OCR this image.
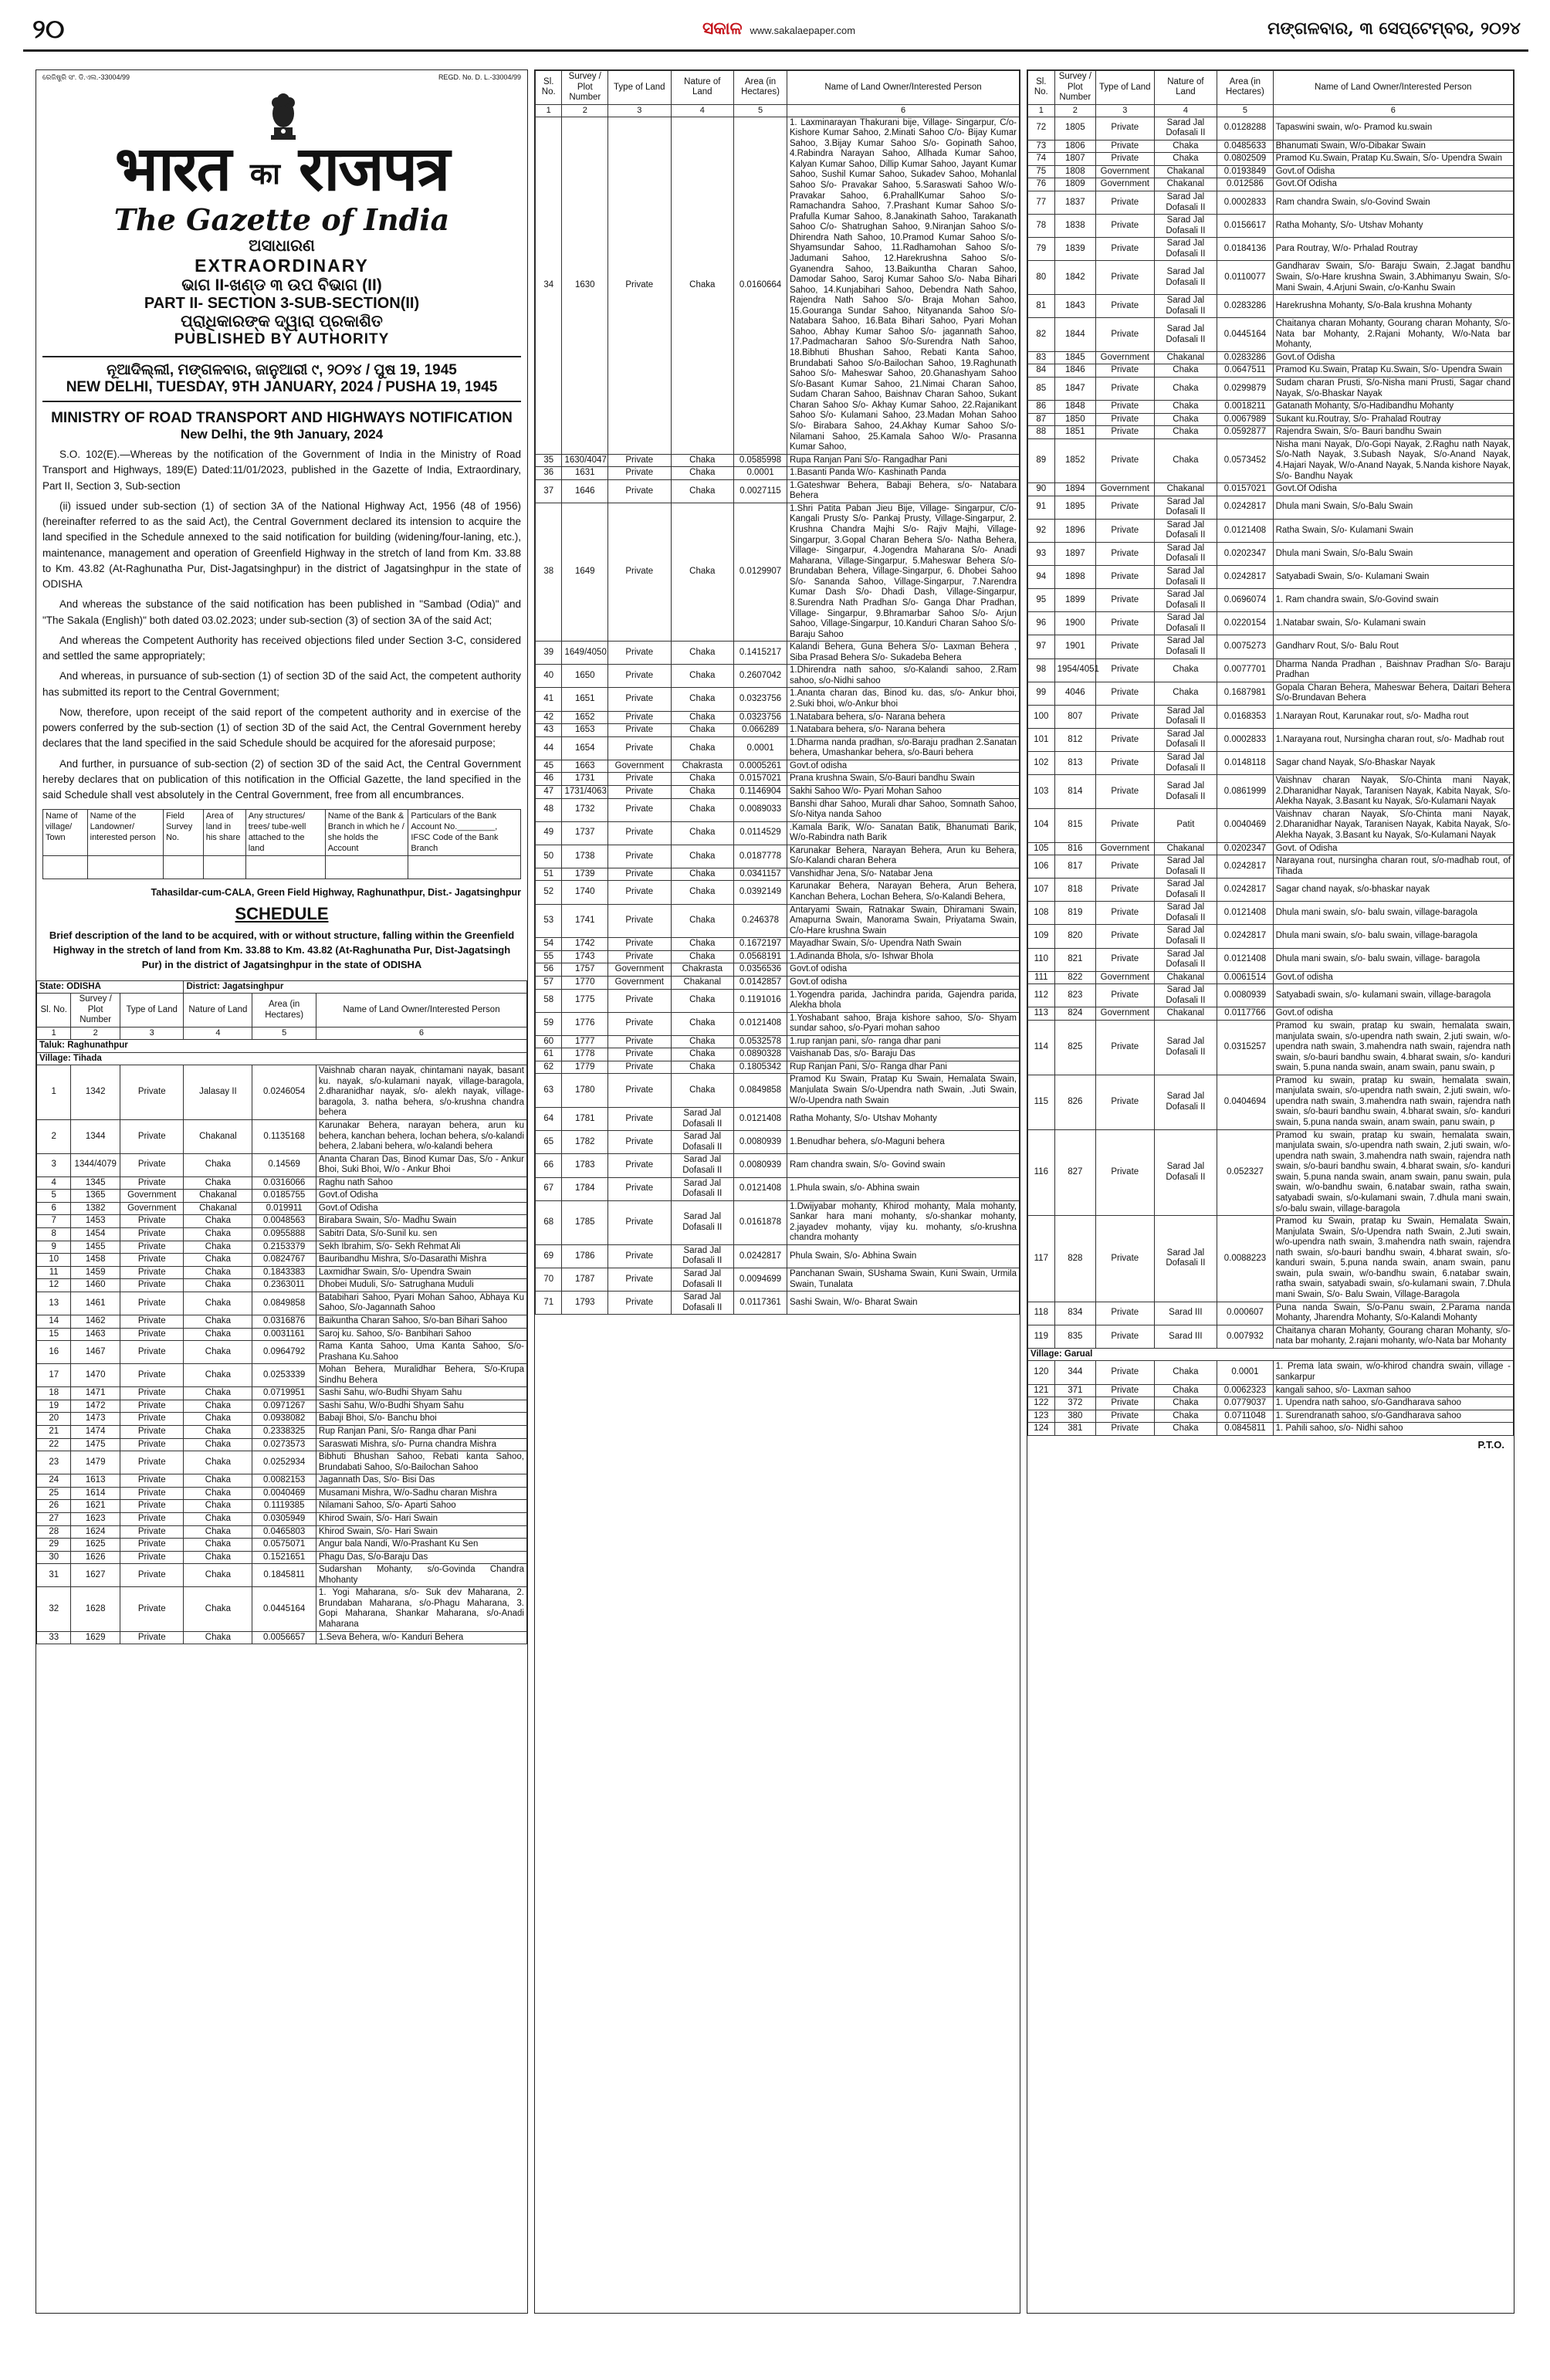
୨୦	ସକାଳ www.sakalaepaper.com	ମଙ୍ଗଳବାର, ୩ ସେପ୍ଟେମ୍ବର, ୨୦୨୪
ରେଜିଷ୍ଟ୍ରି ସଂ. ଡି.ଏଲ.-33004/99	REGD. No. D. L.-33004/99
भारत का राजपत्र
The Gazette of India
ଅସାଧାରଣ
EXTRAORDINARY
ଭାଗ II-ଖଣ୍ଡ ୩ ଉପ ବିଭାଗ (II)
PART II- SECTION 3-SUB-SECTION(II)
ପ୍ରାଧିକାରଙ୍କ ଦ୍ୱାରା ପ୍ରକାଶିତ
PUBLISHED BY AUTHORITY
ନୂଆଦିଲ୍ଲୀ, ମଙ୍ଗଳବାର, ଜାନୁଆରୀ ୯, ୨୦୨୪ / ପୁଷ 19, 1945
NEW DELHI, TUESDAY, 9TH JANUARY, 2024 / PUSHA 19, 1945
MINISTRY OF ROAD TRANSPORT AND HIGHWAYS NOTIFICATION
New Delhi, the 9th January, 2024
S.O. 102(E).—Whereas by the notification of the Government of India in the Ministry of Road Transport and Highways, 189(E) Dated:11/01/2023, published in the Gazette of India, Extraordinary, Part II, Section 3, Sub-section
(ii) issued under sub-section (1) of section 3A of the National Highway Act, 1956 (48 of 1956) (hereinafter referred to as the said Act), the Central Government declared its intension to acquire the land specified in the Schedule annexed to the said notification for building (widening/four-laning, etc.), maintenance, management and operation of Greenfield Highway in the stretch of land from Km. 33.88 to Km. 43.82 (At-Raghunatha Pur, Dist-Jagatsinghpur) in the district of Jagatsinghpur in the state of ODISHA
And whereas the substance of the said notification has been published in "Sambad (Odia)" and "The Sakala (English)" both dated 03.02.2023; under sub-section (3) of section 3A of the said Act;
And whereas the Competent Authority has received objections filed under Section 3-C, considered and settled the same appropriately;
And whereas, in pursuance of sub-section (1) of section 3D of the said Act, the competent authority has submitted its report to the Central Government;
Now, therefore, upon receipt of the said report of the competent authority and in exercise of the powers conferred by the sub-section (1) of section 3D of the said Act, the Central Government hereby declares that the land specified in the said Schedule should be acquired for the aforesaid purpose;
And further, in pursuance of sub-section (2) of section 3D of the said Act, the Central Government hereby declares that on publication of this notification in the Official Gazette, the land specified in the said Schedule shall vest absolutely in the Central Government, free from all encumbrances.
Name of village/ Town	Name of the Landowner/ interested person	Field Survey No.	Area of land in his share	Any structures/ trees/ tube-well attached to the land	Name of the Bank & Branch in which he / she holds the Account	Particulars of the Bank Account No.________, IFSC Code of the Bank Branch

Tahasildar-cum-CALA, Green Field Highway, Raghunathpur, Dist.- Jagatsinghpur
SCHEDULE
Brief description of the land to be acquired, with or without structure, falling within the Greenfield Highway in the stretch of land from Km. 33.88 to Km. 43.82 (At-Raghunatha Pur, Dist-Jagatsingh Pur) in the district of Jagatsinghpur in the state of ODISHA
State: ODISHA			District: Jagatsinghpur		
Sl. No.	Survey / Plot Number	Type of Land	Nature of Land	Area (in Hectares)	Name of Land Owner/Interested Person
1	2	3	4	5	6
Taluk: Raghunathpur					
Village: Tihada					
1	1342	Private	Jalasay II	0.0246054	Vaishnab charan nayak, chintamani nayak, basant ku. nayak, s/o-kulamani nayak, village-baragola, 2.dharanidhar nayak, s/o- alekh nayak, village- baragola, 3. natha behera, s/o-krushna chandra behera
2	1344	Private	Chakanal	0.1135168	Karunakar Behera, narayan behera, arun ku behera, kanchan behera, lochan behera, s/o-kalandi behera, 2.labani behera, w/o-kalandi behera
3	1344/4079	Private	Chaka	0.14569	Ananta Charan Das, Binod Kumar Das, S/o - Ankur Bhoi, Suki Bhoi, W/o - Ankur Bhoi
4	1345	Private	Chaka	0.0316066	Raghu nath Sahoo
5	1365	Government	Chakanal	0.0185755	Govt.of Odisha
6	1382	Government	Chakanal	0.019911	Govt.of Odisha
7	1453	Private	Chaka	0.0048563	Birabara Swain, S/o- Madhu Swain
8	1454	Private	Chaka	0.0955888	Sabitri Data, S/o-Sunil ku. sen
9	1455	Private	Chaka	0.2153379	Sekh Ibrahim, S/o- Sekh Rehmat Ali
10	1458	Private	Chaka	0.0824767	Bauribandhu Mishra, S/o-Dasarathi Mishra
11	1459	Private	Chaka	0.1843383	Laxmidhar Swain, S/o- Upendra Swain
12	1460	Private	Chaka	0.2363011	Dhobei Muduli, S/o- Satrughana Muduli
13	1461	Private	Chaka	0.0849858	Batabihari Sahoo, Pyari Mohan Sahoo, Abhaya Ku Sahoo, S/o-Jagannath Sahoo
14	1462	Private	Chaka	0.0316876	Baikuntha Charan Sahoo, S/o-ban Bihari Sahoo
15	1463	Private	Chaka	0.0031161	Saroj ku. Sahoo, S/o- Banbihari Sahoo
16	1467	Private	Chaka	0.0964792	Rama Kanta Sahoo, Uma Kanta Sahoo, S/o-Prashana Ku.Sahoo
17	1470	Private	Chaka	0.0253339	Mohan Behera, Muralidhar Behera, S/o-Krupa Sindhu Behera
18	1471	Private	Chaka	0.0719951	Sashi Sahu, w/o-Budhi Shyam Sahu
19	1472	Private	Chaka	0.0971267	Sashi Sahu, W/o-Budhi Shyam Sahu
20	1473	Private	Chaka	0.0938082	Babaji Bhoi, S/o- Banchu bhoi
21	1474	Private	Chaka	0.2338325	Rup Ranjan Pani, S/o- Ranga dhar Pani
22	1475	Private	Chaka	0.0273573	Saraswati Mishra, s/o- Purna chandra Mishra
23	1479	Private	Chaka	0.0252934	Bibhuti Bhushan Sahoo, Rebati kanta Sahoo, Brundabati Sahoo, S/o-Bailochan Sahoo
24	1613	Private	Chaka	0.0082153	Jagannath Das, S/o- Bisi Das
25	1614	Private	Chaka	0.0040469	Musamani Mishra, W/o-Sadhu charan Mishra
26	1621	Private	Chaka	0.1119385	Nilamani Sahoo, S/o- Aparti Sahoo
27	1623	Private	Chaka	0.0305949	Khirod Swain, S/o- Hari Swain
28	1624	Private	Chaka	0.0465803	Khirod Swain, S/o- Hari Swain
29	1625	Private	Chaka	0.0575071	Angur bala Nandi, W/o-Prashant Ku Sen
30	1626	Private	Chaka	0.1521651	Phagu Das, S/o-Baraju Das
31	1627	Private	Chaka	0.1845811	Sudarshan Mohanty, s/o-Govinda Chandra Mhohanty
32	1628	Private	Chaka	0.0445164	1. Yogi Maharana, s/o- Suk dev Maharana, 2. Brundaban Maharana, s/o-Phagu Maharana, 3. Gopi Maharana, Shankar Maharana, s/o-Anadi Maharana
33	1629	Private	Chaka	0.0056657	1.Seva Behera, w/o- Kanduri Behera
Sl. No.	Survey / Plot Number	Type of Land	Nature of Land	Area (in Hectares)	Name of Land Owner/Interested Person
1	2	3	4	5	6
34	1630	Private	Chaka	0.0160664	1. Laxminarayan Thakurani bije, Village- Singarpur, C/o- Kishore Kumar Sahoo, 2.Minati Sahoo C/o- Bijay Kumar Sahoo, 3.Bijay Kumar Sahoo S/o- Gopinath Sahoo, 4.Rabindra Narayan Sahoo, Allhada Kumar Sahoo, Kalyan Kumar Sahoo, Dillip Kumar Sahoo, Jayant Kumar Sahoo, Sushil Kumar Sahoo, Sukadev Sahoo, Mohanlal Sahoo S/o- Pravakar Sahoo, 5.Saraswati Sahoo W/o- Pravakar Sahoo, 6.PrahallKumar Sahoo S/o-Ramachandra Sahoo, 7.Prashant Kumar Sahoo S/o- Prafulla Kumar Sahoo, 8.Janakinath Sahoo, Tarakanath Sahoo C/o- Shatrughan Sahoo, 9.Niranjan Sahoo S/o-Dhirendra Nath Sahoo, 10.Pramod Kumar Sahoo S/o- Shyamsundar Sahoo, 11.Radhamohan Sahoo S/o-Jadumani Sahoo, 12.Harekrushna Sahoo S/o- Gyanendra Sahoo, 13.Baikuntha Charan Sahoo, Damodar Sahoo, Saroj Kumar Sahoo S/o- Naba Bihari Sahoo, 14.Kunjabihari Sahoo, Debendra Nath Sahoo, Rajendra Nath Sahoo S/o- Braja Mohan Sahoo, 15.Gouranga Sundar Sahoo, Nityananda Sahoo S/o- Natabara Sahoo, 16.Bata Bihari Sahoo, Pyari Mohan Sahoo, Abhay Kumar Sahoo S/o- jagannath Sahoo, 17.Padmacharan Sahoo S/o-Surendra Nath Sahoo, 18.Bibhuti Bhushan Sahoo, Rebati Kanta Sahoo, Brundabati Sahoo S/o-Bailochan Sahoo, 19.Raghunath Sahoo S/o- Maheswar Sahoo, 20.Ghanashyam Sahoo S/o-Basant Kumar Sahoo, 21.Nimai Charan Sahoo, Sudam Charan Sahoo, Baishnav Charan Sahoo, Sukant Charan Sahoo S/o- Akhay Kumar Sahoo, 22.Rajanikant Sahoo S/o- Kulamani Sahoo, 23.Madan Mohan Sahoo S/o- Birabara Sahoo, 24.Akhay Kumar Sahoo S/o-Nilamani Sahoo, 25.Kamala Sahoo W/o- Prasanna Kumar Sahoo,
35	1630/4047	Private	Chaka	0.0585998	Rupa Ranjan Pani S/o- Rangadhar Pani
36	1631	Private	Chaka	0.0001	1.Basanti Panda W/o- Kashinath Panda
37	1646	Private	Chaka	0.0027115	1.Gateshwar Behera, Babaji Behera, s/o- Natabara Behera
38	1649	Private	Chaka	0.0129907	1.Shri Patita Paban Jieu Bije, Village- Singarpur, C/o- Kangali Prusty S/o- Pankaj Prusty, Village-Singarpur, 2. Krushna Chandra Majhi S/o- Rajiv Majhi, Village-Singarpur, 3.Gopal Charan Behera S/o- Natha Behera, Village- Singarpur, 4.Jogendra Maharana S/o- Anadi Maharana, Village-Singarpur, 5.Maheswar Behera S/o- Brundaban Behera, Village-Singarpur, 6. Dhobei Sahoo S/o- Sananda Sahoo, Village-Singarpur, 7.Narendra Kumar Dash S/o- Dhadi Dash, Village-Singarpur, 8.Surendra Nath Pradhan S/o- Ganga Dhar Pradhan, Village- Singarpur, 9.Bhramarbar Sahoo S/o- Arjun Sahoo, Village-Singarpur, 10.Kanduri Charan Sahoo S/o- Baraju Sahoo
39	1649/4050	Private	Chaka	0.1415217	Kalandi Behera, Guna Behera S/o- Laxman Behera , Siba Prasad Behera S/o- Sukadeba Behera
40	1650	Private	Chaka	0.2607042	1.Dhirendra nath sahoo, s/o-Kalandi sahoo, 2.Ram sahoo, s/o-Nidhi sahoo
41	1651	Private	Chaka	0.0323756	1.Ananta charan das, Binod ku. das, s/o- Ankur bhoi, 2.Suki bhoi, w/o-Ankur bhoi
42	1652	Private	Chaka	0.0323756	1.Natabara behera, s/o- Narana behera
43	1653	Private	Chaka	0.066289	1.Natabara behera, s/o- Narana behera
44	1654	Private	Chaka	0.0001	1.Dharma nanda pradhan, s/o-Baraju pradhan 2.Sanatan behera, Umashankar behera, s/o-Bauri behera
45	1663	Government	Chakrasta	0.0005261	Govt.of odisha
46	1731	Private	Chaka	0.0157021	Prana krushna Swain, S/o-Bauri bandhu Swain
47	1731/4063	Private	Chaka	0.1146904	Sakhi Sahoo W/o- Pyari Mohan Sahoo
48	1732	Private	Chaka	0.0089033	Banshi dhar Sahoo, Murali dhar Sahoo, Somnath Sahoo, S/o-Nitya nanda Sahoo
49	1737	Private	Chaka	0.0114529	.Kamala Barik, W/o- Sanatan Batik, Bhanumati Barik, W/o-Rabindra nath Barik
50	1738	Private	Chaka	0.0187778	Karunakar Behera, Narayan Behera, Arun ku Behera, S/o-Kalandi charan Behera
51	1739	Private	Chaka	0.0341157	Vanshidhar Jena, S/o- Natabar Jena
52	1740	Private	Chaka	0.0392149	Karunakar Behera, Narayan Behera, Arun Behera, Kanchan Behera, Lochan Behera, S/o-Kalandi Behera,
53	1741	Private	Chaka	0.246378	Antaryami Swain, Ratnakar Swain, Dhiramani Swain, Amapurna Swain, Manorama Swain, Priyatama Swain, C/o-Hare krushna Swain
54	1742	Private	Chaka	0.1672197	Mayadhar Swain, S/o- Upendra Nath Swain
55	1743	Private	Chaka	0.0568191	1.Adinanda Bhola, s/o- Ishwar Bhola
56	1757	Government	Chakrasta	0.0356536	Govt.of odisha
57	1770	Government	Chakanal	0.0142857	Govt.of odisha
58	1775	Private	Chaka	0.1191016	1.Yogendra parida, Jachindra parida, Gajendra parida, Alekha bhola
59	1776	Private	Chaka	0.0121408	1.Yoshabant sahoo, Braja kishore sahoo, S/o- Shyam sundar sahoo, s/o-Pyari mohan sahoo
60	1777	Private	Chaka	0.0532578	1.rup ranjan pani, s/o- ranga dhar pani
61	1778	Private	Chaka	0.0890328	Vaishanab Das, s/o- Baraju Das
62	1779	Private	Chaka	0.1805342	Rup Ranjan Pani, S/o- Ranga dhar Pani
63	1780	Private	Chaka	0.0849858	Pramod Ku Swain, Pratap Ku Swain, Hemalata Swain, Manjulata Swain S/o-Upendra nath Swain, .Juti Swain, W/o-Upendra nath Swain
64	1781	Private	Sarad Jal Dofasali II	0.0121408	Ratha Mohanty, S/o- Utshav Mohanty
65	1782	Private	Sarad Jal Dofasali II	0.0080939	1.Benudhar behera, s/o-Maguni behera
66	1783	Private	Sarad Jal Dofasali II	0.0080939	Ram chandra swain, S/o- Govind swain
67	1784	Private	Sarad Jal Dofasali II	0.0121408	1.Phula swain, s/o- Abhina swain
68	1785	Private	Sarad Jal Dofasali II	0.0161878	1.Dwijyabar mohanty, Khirod mohanty, Mala mohanty, Sankar hara mani mohanty, s/o-shankar mohanty, 2.jayadev mohanty, vijay ku. mohanty, s/o-krushna chandra mohanty
69	1786	Private	Sarad Jal Dofasali II	0.0242817	Phula Swain, S/o- Abhina Swain
70	1787	Private	Sarad Jal Dofasali II	0.0094699	Panchanan Swain, SUshama Swain, Kuni Swain, Urmila Swain, Tunalata
71	1793	Private	Sarad Jal Dofasali II	0.0117361	Sashi Swain, W/o- Bharat Swain
Sl. No.	Survey / Plot Number	Type of Land	Nature of Land	Area (in Hectares)	Name of Land Owner/Interested Person
1	2	3	4	5	6
72	1805	Private	Sarad Jal Dofasali II	0.0128288	Tapaswini swain, w/o- Pramod ku.swain
73	1806	Private	Chaka	0.0485633	Bhanumati Swain, W/o-Dibakar Swain
74	1807	Private	Chaka	0.0802509	Pramod Ku.Swain, Pratap Ku.Swain, S/o- Upendra Swain
75	1808	Government	Chakanal	0.0193849	Govt.of Odisha
76	1809	Government	Chakanal	0.012586	Govt.Of Odisha
77	1837	Private	Sarad Jal Dofasali II	0.0002833	Ram chandra Swain, s/o-Govind Swain
78	1838	Private	Sarad Jal Dofasali II	0.0156617	Ratha Mohanty, S/o- Utshav Mohanty
79	1839	Private	Sarad Jal Dofasali II	0.0184136	Para Routray, W/o- Prhalad Routray
80	1842	Private	Sarad Jal Dofasali II	0.0110077	Gandharav Swain, S/o- Baraju Swain, 2.Jagat bandhu Swain, S/o-Hare krushna Swain, 3.Abhimanyu Swain, S/o-Mani Swain, 4.Arjuni Swain, c/o-Kanhu Swain
81	1843	Private	Sarad Jal Dofasali II	0.0283286	Harekrushna Mohanty, S/o-Bala krushna Mohanty
82	1844	Private	Sarad Jal Dofasali II	0.0445164	Chaitanya charan Mohanty, Gourang charan Mohanty, S/o- Nata bar Mohanty, 2.Rajani Mohanty, W/o-Nata bar Mohanty,
83	1845	Government	Chakanal	0.0283286	Govt.of Odisha
84	1846	Private	Chaka	0.0647511	Pramod Ku.Swain, Pratap Ku.Swain, S/o- Upendra Swain
85	1847	Private	Chaka	0.0299879	Sudam charan Prusti, S/o-Nisha mani Prusti, Sagar chand Nayak, S/o-Bhaskar Nayak
86	1848	Private	Chaka	0.0018211	Gatanath Mohanty, S/o-Hadibandhu Mohanty
87	1850	Private	Chaka	0.0067989	Sukant ku.Routray, S/o- Prahalad Routray
88	1851	Private	Chaka	0.0592877	Rajendra Swain, S/o- Bauri bandhu Swain
89	1852	Private	Chaka	0.0573452	Nisha mani Nayak, D/o-Gopi Nayak, 2.Raghu nath Nayak, S/o-Nath Nayak, 3.Subash Nayak, S/o-Anand Nayak, 4.Hajari Nayak, W/o-Anand Nayak, 5.Nanda kishore Nayak, S/o- Bandhu Nayak
90	1894	Government	Chakanal	0.0157021	Govt.Of Odisha
91	1895	Private	Sarad Jal Dofasali II	0.0242817	Dhula mani Swain, S/o-Balu Swain
92	1896	Private	Sarad Jal Dofasali II	0.0121408	Ratha Swain, S/o- Kulamani Swain
93	1897	Private	Sarad Jal Dofasali II	0.0202347	Dhula mani Swain, S/o-Balu Swain
94	1898	Private	Sarad Jal Dofasali II	0.0242817	Satyabadi Swain, S/o- Kulamani Swain
95	1899	Private	Sarad Jal Dofasali II	0.0696074	1. Ram chandra swain, S/o-Govind swain
96	1900	Private	Sarad Jal Dofasali II	0.0220154	1.Natabar swain, S/o- Kulamani swain
97	1901	Private	Sarad Jal Dofasali II	0.0075273	Gandharv Rout, S/o- Balu Rout
98	1954/4051	Private	Chaka	0.0077701	Dharma Nanda Pradhan , Baishnav Pradhan S/o- Baraju Pradhan
99	4046	Private	Chaka	0.1687981	Gopala Charan Behera, Maheswar Behera, Daitari Behera S/o-Brundavan Behera
100	807	Private	Sarad Jal Dofasali II	0.0168353	1.Narayan Rout, Karunakar rout, s/o- Madha rout
101	812	Private	Sarad Jal Dofasali II	0.0002833	1.Narayana rout, Nursingha charan rout, s/o- Madhab rout
102	813	Private	Sarad Jal Dofasali II	0.0148118	Sagar chand Nayak, S/o-Bhaskar Nayak
103	814	Private	Sarad Jal Dofasali II	0.0861999	Vaishnav charan Nayak, S/o-Chinta mani Nayak, 2.Dharanidhar Nayak, Taranisen Nayak, Kabita Nayak, S/o-Alekha Nayak, 3.Basant ku Nayak, S/o-Kulamani Nayak
104	815	Private	Patit	0.0040469	Vaishnav charan Nayak, S/o-Chinta mani Nayak, 2.Dharanidhar Nayak, Taranisen Nayak, Kabita Nayak, S/o-Alekha Nayak, 3.Basant ku Nayak, S/o-Kulamani Nayak
105	816	Government	Chakanal	0.0202347	Govt. of Odisha
106	817	Private	Sarad Jal Dofasali II	0.0242817	Narayana rout, nursingha charan rout, s/o-madhab rout, of Tihada
107	818	Private	Sarad Jal Dofasali II	0.0242817	Sagar chand nayak, s/o-bhaskar nayak
108	819	Private	Sarad Jal Dofasali II	0.0121408	Dhula mani swain, s/o- balu swain, village-baragola
109	820	Private	Sarad Jal Dofasali II	0.0242817	Dhula mani swain, s/o- balu swain, village-baragola
110	821	Private	Sarad Jal Dofasali II	0.0121408	Dhula mani swain, s/o- balu swain, village- baragola
111	822	Government	Chakanal	0.0061514	Govt.of odisha
112	823	Private	Sarad Jal Dofasali II	0.0080939	Satyabadi swain, s/o- kulamani swain, village-baragola
113	824	Government	Chakanal	0.0117766	Govt.of odisha
114	825	Private	Sarad Jal Dofasali II	0.0315257	Pramod ku swain, pratap ku swain, hemalata swain, manjulata swain, s/o-upendra nath swain, 2.juti swain, w/o-upendra nath swain, 3.mahendra nath swain, rajendra nath swain, s/o-bauri bandhu swain, 4.bharat swain, s/o- kanduri swain, 5.puna nanda swain, anam swain, panu swain, p
115	826	Private	Sarad Jal Dofasali II	0.0404694	Pramod ku swain, pratap ku swain, hemalata swain, manjulata swain, s/o-upendra nath swain, 2.juti swain, w/o-upendra nath swain, 3.mahendra nath swain, rajendra nath swain, s/o-bauri bandhu swain, 4.bharat swain, s/o- kanduri swain, 5.puna nanda swain, anam swain, panu swain, p
116	827	Private	Sarad Jal Dofasali II	0.052327	Pramod ku swain, pratap ku swain, hemalata swain, manjulata swain, s/o-upendra nath swain, 2.juti swain, w/o-upendra nath swain, 3.mahendra nath swain, rajendra nath swain, s/o-bauri bandhu swain, 4.bharat swain, s/o- kanduri swain, 5.puna nanda swain, anam swain, panu swain, pula swain, w/o-bandhu swain, 6.natabar swain, ratha swain, satyabadi swain, s/o-kulamani swain, 7.dhula mani swain, s/o-balu swain, village-baragola
117	828	Private	Sarad Jal Dofasali II	0.0088223	Pramod ku Swain, pratap ku Swain, Hemalata Swain, Manjulata Swain, S/o-Upendra nath Swain, 2.Juti swain, w/o-upendra nath swain, 3.mahendra nath swain, rajendra nath swain, s/o-bauri bandhu swain, 4.bharat swain, s/o- kanduri swain, 5.puna nanda swain, anam swain, panu swain, pula swain, w/o-bandhu swain, 6.natabar swain, ratha swain, satyabadi swain, s/o-kulamani swain, 7.Dhula mani Swain, S/o- Balu Swain, Village-Baragola
118	834	Private	Sarad III	0.000607	Puna nanda Swain, S/o-Panu swain, 2.Parama nanda Mohanty, Jharendra Mohanty, S/o-Kalandi Mohanty
119	835	Private	Sarad III	0.007932	Chaitanya charan Mohanty, Gourang charan Mohanty, s/o-nata bar mohanty, 2.rajani mohanty, w/o-Nata bar Mohanty
Village: Garual					
120	344	Private	Chaka	0.0001	1. Prema lata swain, w/o-khirod chandra swain, village - sankarpur
121	371	Private	Chaka	0.0062323	kangali sahoo, s/o- Laxman sahoo
122	372	Private	Chaka	0.0779037	1. Upendra nath sahoo, s/o-Gandharava sahoo
123	380	Private	Chaka	0.0711048	1. Surendranath sahoo, s/o-Gandharava sahoo
124	381	Private	Chaka	0.0845811	1. Pahili sahoo, s/o- Nidhi sahoo
P.T.O.
